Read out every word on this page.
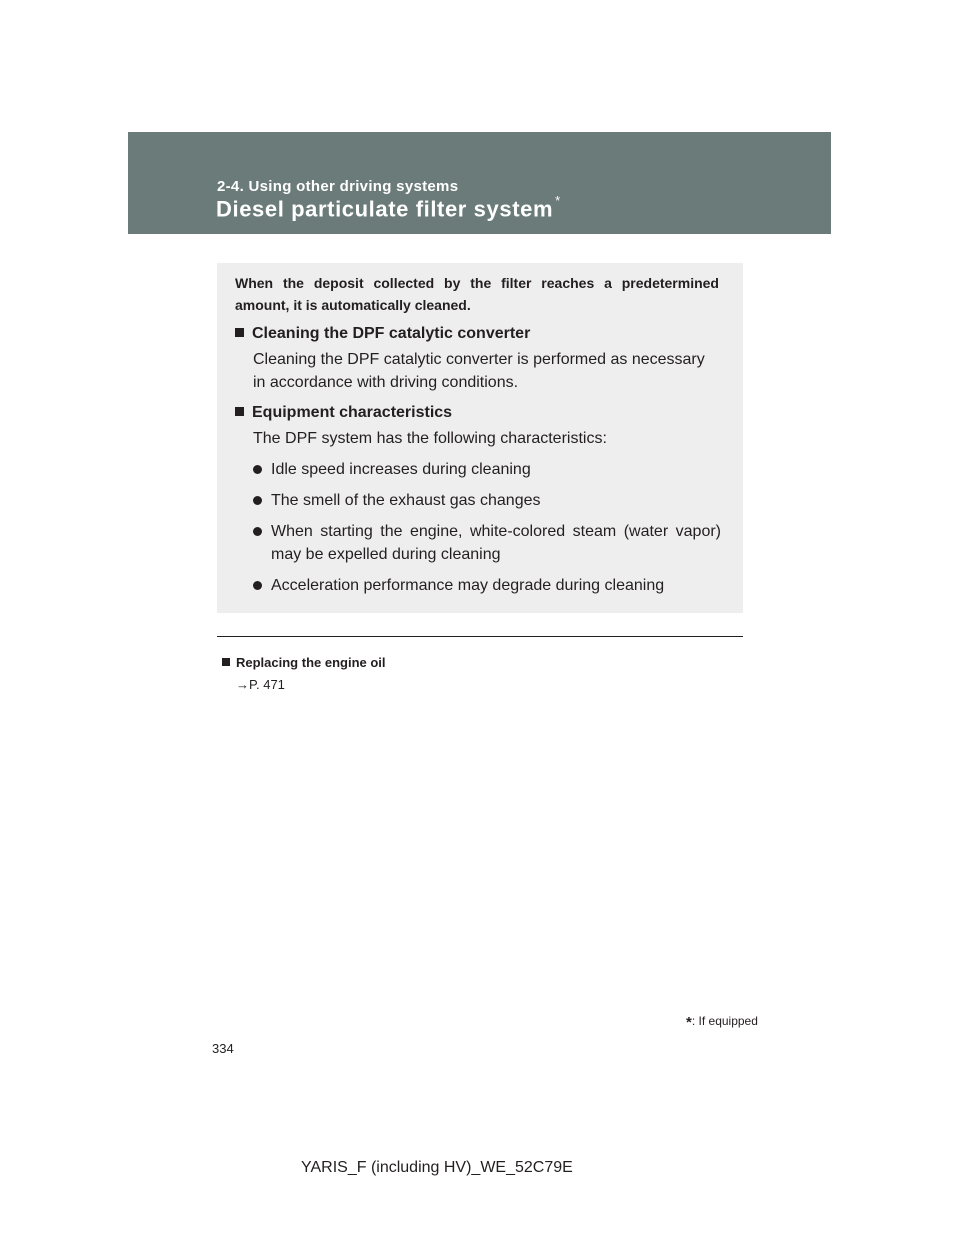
2-4. Using other driving systems
Diesel particulate filter system *
When the deposit collected by the filter reaches a predetermined amount, it is automatically cleaned.
Cleaning the DPF catalytic converter
Cleaning the DPF catalytic converter is performed as necessary in accordance with driving conditions.
Equipment characteristics
The DPF system has the following characteristics:
Idle speed increases during cleaning
The smell of the exhaust gas changes
When starting the engine, white-colored steam (water vapor) may be expelled during cleaning
Acceleration performance may degrade during cleaning
Replacing the engine oil
→P. 471
*: If equipped
334
YARIS_F (including HV)_WE_52C79E
